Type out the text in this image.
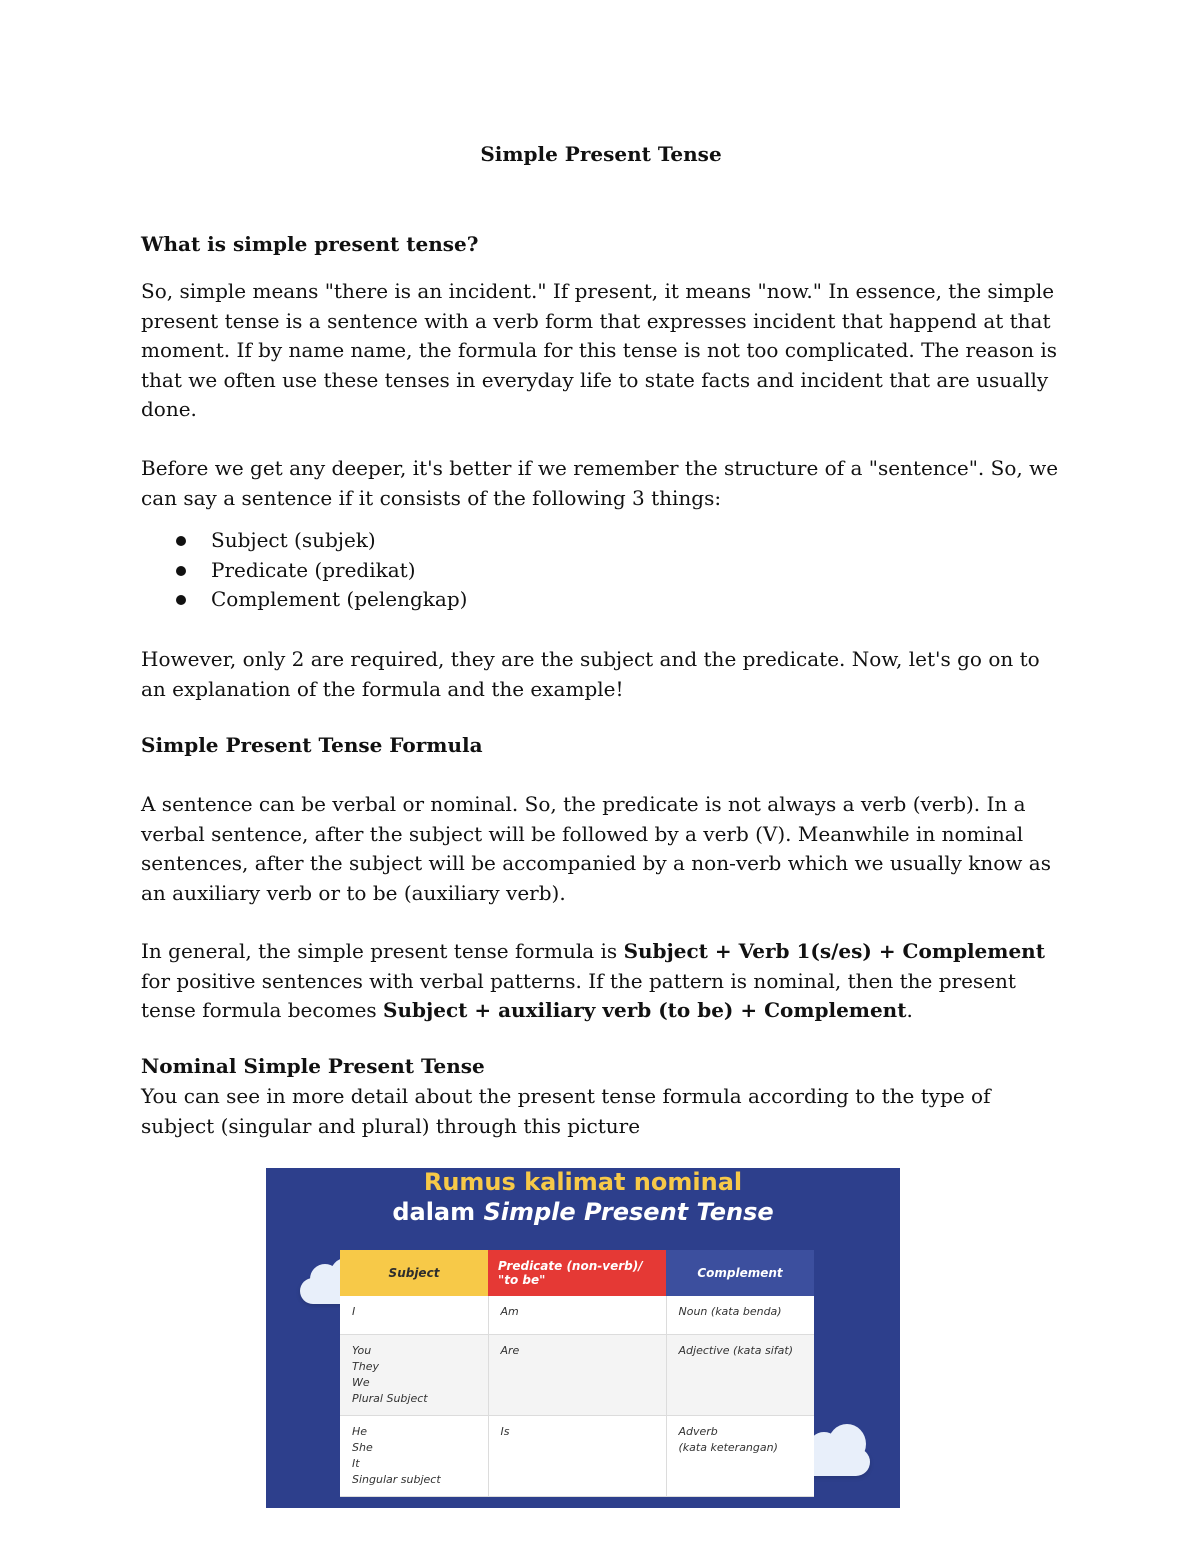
Simple Present Tense
What is simple present tense?

So, simple means "there is an incident." If present, it means "now." In essence, the simple present tense is a sentence with a verb form that expresses incident that happend at that moment. If by name name, the formula for this tense is not too complicated. The reason is that we often use these tenses in everyday life to state facts and incident that are usually done.

Before we get any deeper, it's better if we remember the structure of a "sentence". So, we can say a sentence if it consists of the following 3 things:

Subject (subjek)
Predicate (predikat)
Complement (pelengkap)

However, only 2 are required, they are the subject and the predicate. Now, let's go on to an explanation of the formula and the example!

Simple Present Tense Formula

A sentence can be verbal or nominal. So, the predicate is not always a verb (verb). In a verbal sentence, after the subject will be followed by a verb (V). Meanwhile in nominal sentences, after the subject will be accompanied by a non-verb which we usually know as an auxiliary verb or to be (auxiliary verb).

In general, the simple present tense formula is Subject + Verb 1(s/es) + Complement for positive sentences with verbal patterns. If the pattern is nominal, then the present tense formula becomes Subject + auxiliary verb (to be) + Complement.

Nominal Simple Present Tense

You can see in more detail about the present tense formula according to the type of subject (singular and plural) through this picture

Rumus kalimat nominal

dalam Simple Present Tense

Subject	Predicate (non-verb)/ "to be"	Complement
I	Am	Noun (kata benda)
You
They
We
Plural Subject	Are	Adjective (kata sifat)
He
She
It
Singular subject	Is	Adverb
(kata keterangan)
